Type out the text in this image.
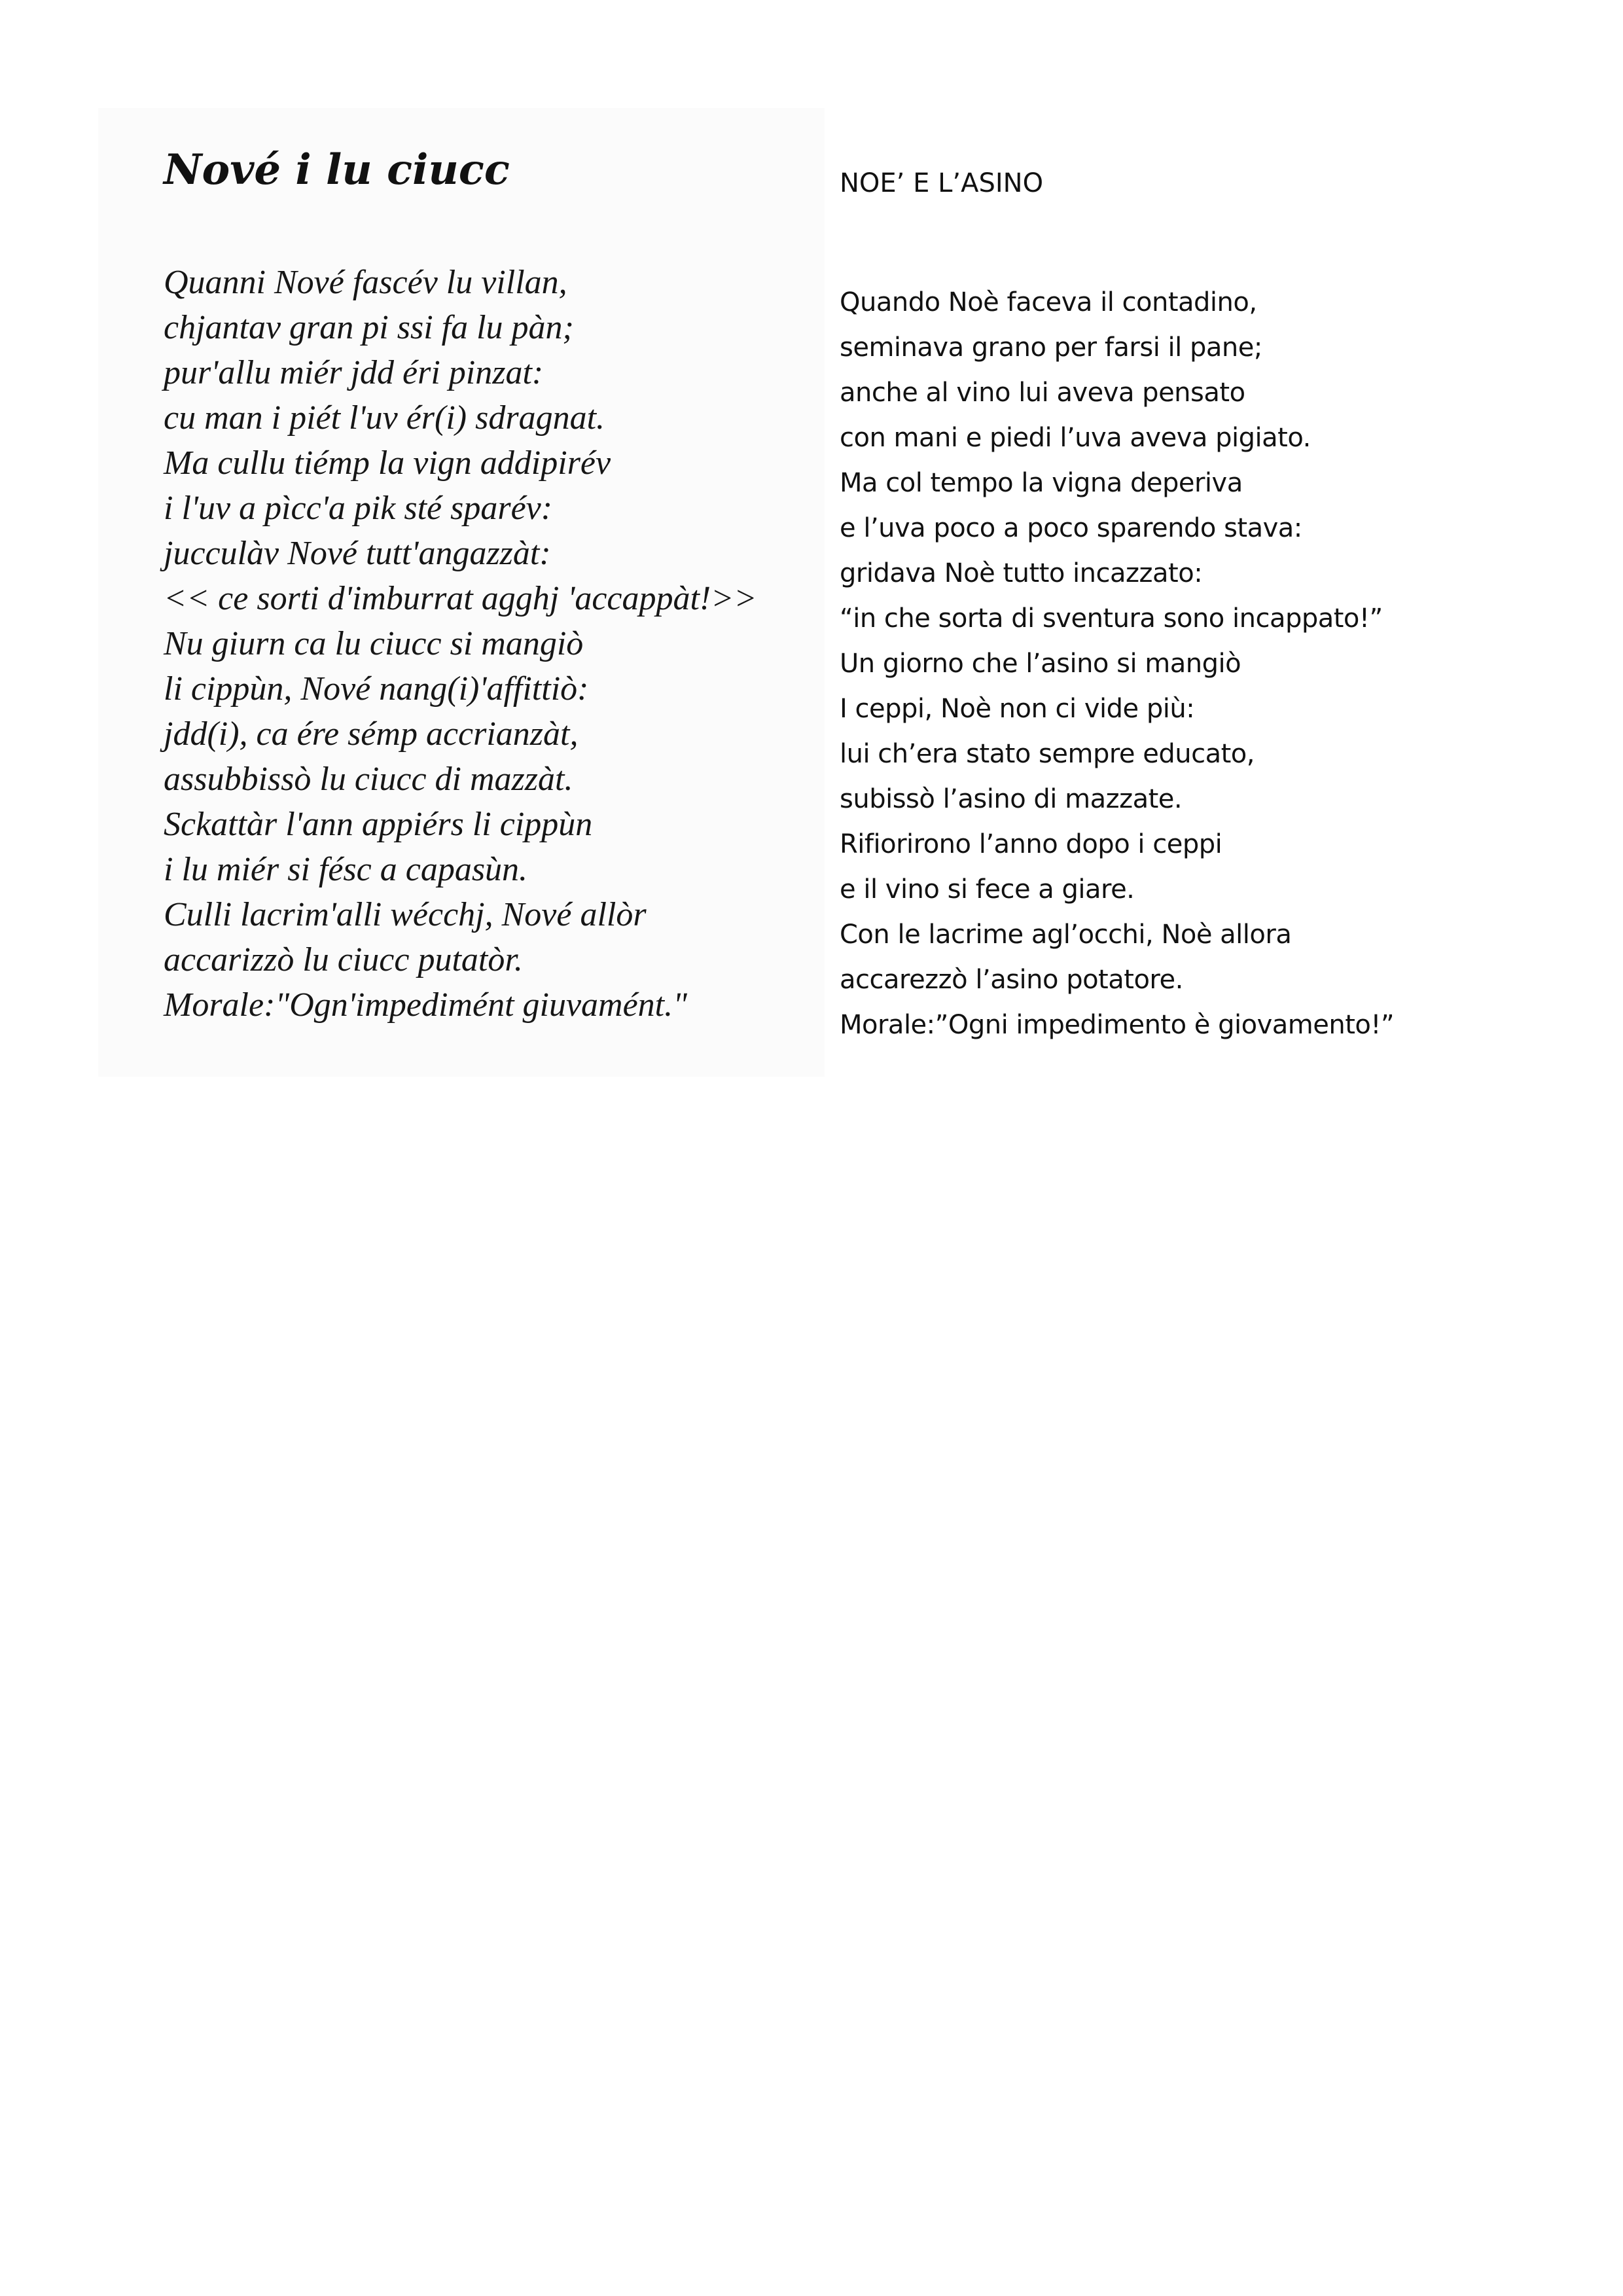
Nové i lu ciucc
Quanni Nové fascév lu villan,
chjantav gran pi ssi fa lu pàn;
pur'allu miér jdd éri pinzat:
cu man i piét l'uv ér(i) sdragnat.
Ma cullu tiémp la vign addipirév
i l'uv a pìcc'a pik sté sparév:
jucculàv Nové tutt'angazzàt:
<< ce sorti d'imburrat agghj 'accappàt!>>
Nu giurn ca lu ciucc si mangiò
li cippùn, Nové nang(i)'affittiò:
jdd(i), ca ére sémp accrianzàt,
assubbissò lu ciucc di mazzàt.
Sckattàr l'ann appiérs li cippùn
i lu miér si fésc a capasùn.
Culli lacrim'alli wécchj, Nové allòr
accarizzò lu ciucc putatòr.
Morale:"Ogn'impedimént giuvamént."
NOE’ E L’ASINO
Quando Noè faceva il contadino,
seminava grano per farsi il pane;
anche al vino lui aveva pensato
con mani e piedi l’uva aveva pigiato.
Ma col tempo la vigna deperiva
e l’uva poco a poco sparendo stava:
gridava Noè tutto incazzato:
“in che sorta di sventura sono incappato!”
Un giorno che l’asino si mangiò
I ceppi, Noè non ci vide più:
lui ch’era stato sempre educato,
subissò l’asino di mazzate.
Rifiorirono l’anno dopo i ceppi
e il vino si fece a giare.
Con le lacrime agl’occhi, Noè allora
accarezzò l’asino potatore.
Morale:”Ogni impedimento è giovamento!”
